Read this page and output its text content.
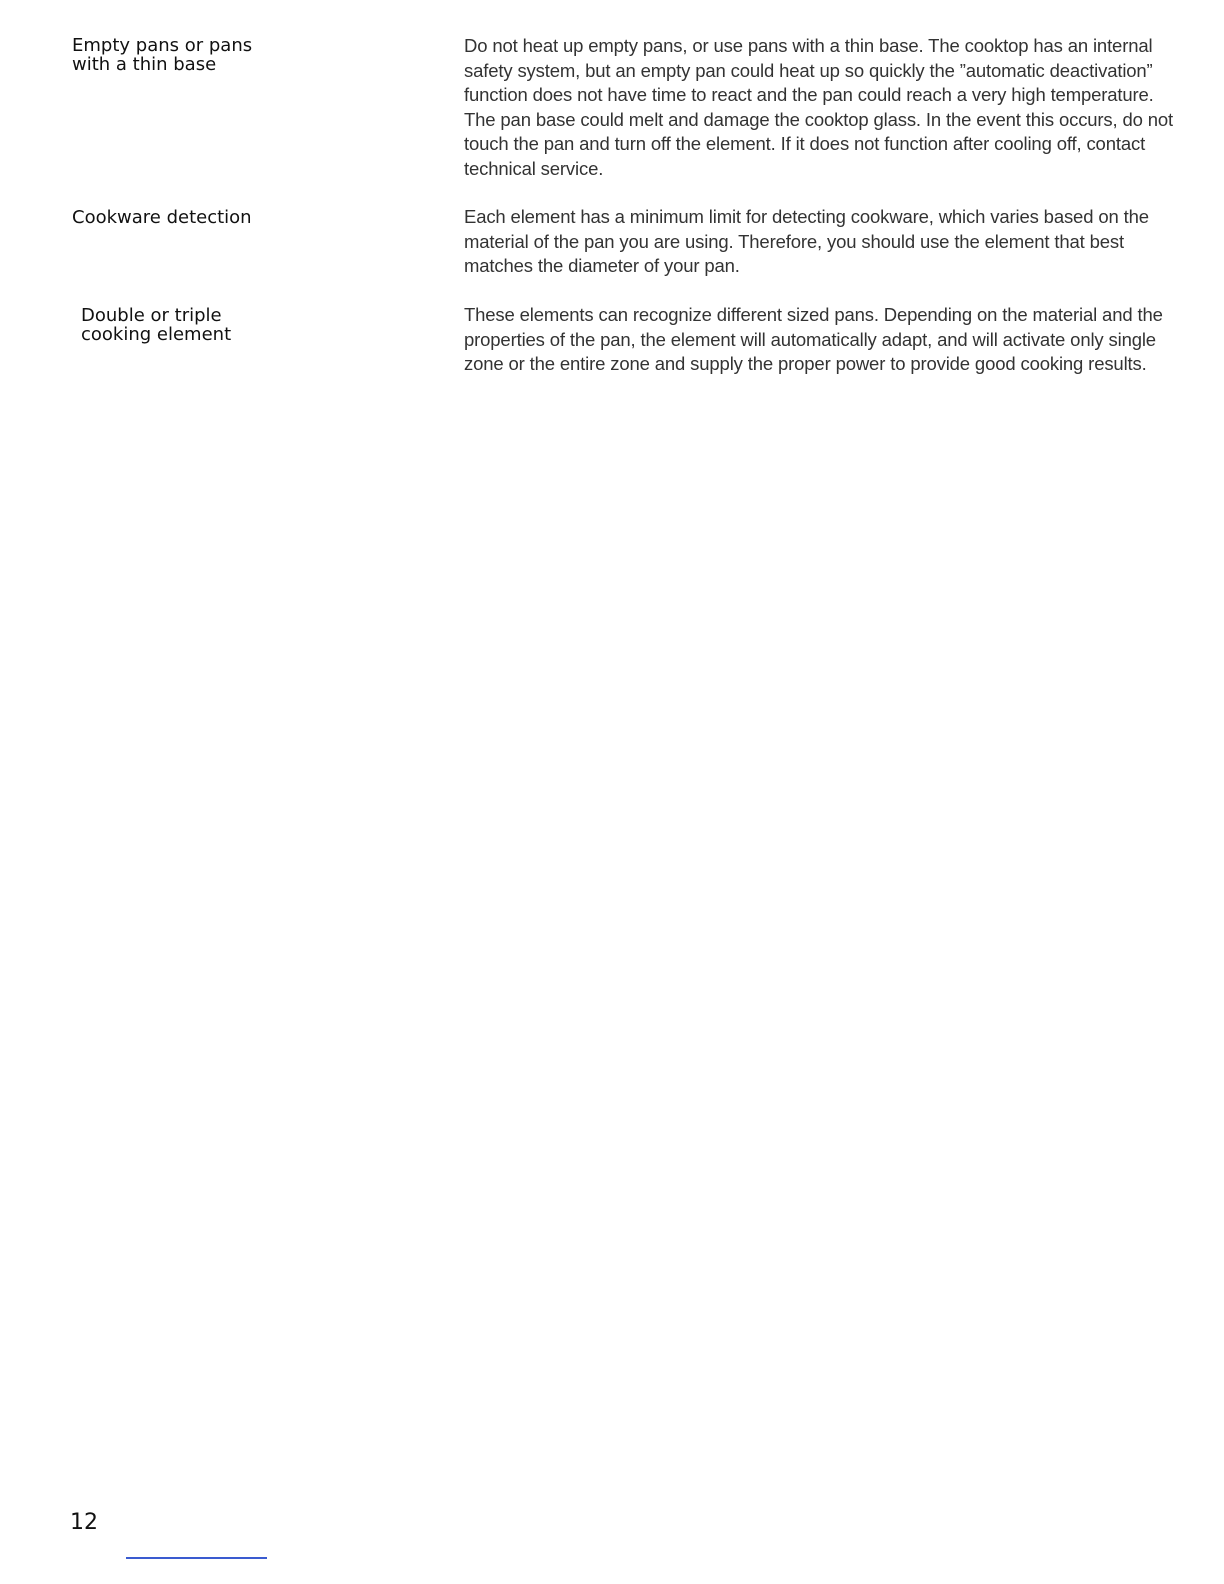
Empty pans or pans
with a thin base

Do not heat up empty pans, or use pans with a thin base. The cooktop has an internal safety system, but an empty pan could heat up so quickly the ”automatic deactivation” function does not have time to react and the pan could reach a very high temperature. The pan base could melt and damage the cooktop glass. In the event this occurs, do not touch the pan and turn off the element. If it does not function after cooling off, contact technical service.

Cookware detection	Each element has a minimum limit for detecting cookware, which varies based on the material of the pan you are using. Therefore, you should use the element that best matches the diameter of your pan.

Double or triple
cooking element

These elements can recognize different sized pans. Depending on the material and the properties of the pan, the element will automatically adapt, and will activate only single zone or the entire zone and supply the proper power to provide good cooking results.

12
